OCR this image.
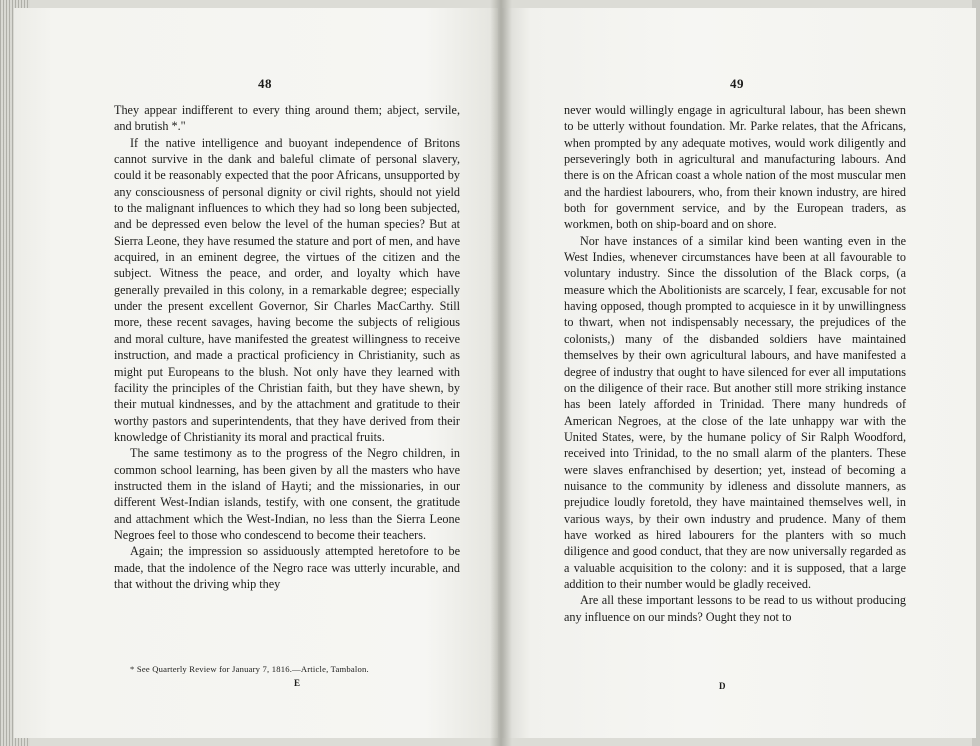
48

They appear indifferent to every thing around them; abject, servile, and brutish *."

If the native intelligence and buoyant independence of Britons cannot survive in the dank and baleful climate of personal slavery, could it be reasonably expected that the poor Africans, unsupported by any consciousness of personal dignity or civil rights, should not yield to the malignant influences to which they had so long been subjected, and be depressed even below the level of the human species? But at Sierra Leone, they have resumed the stature and port of men, and have acquired, in an eminent degree, the virtues of the citizen and the subject. Witness the peace, and order, and loyalty which have generally prevailed in this colony, in a remarkable degree; especially under the present excellent Governor, Sir Charles MacCarthy. Still more, these recent savages, having become the subjects of religious and moral culture, have manifested the greatest willingness to receive instruction, and made a practical proficiency in Christianity, such as might put Europeans to the blush. Not only have they learned with facility the principles of the Christian faith, but they have shewn, by their mutual kindnesses, and by the attachment and gratitude to their worthy pastors and superintendents, that they have derived from their knowledge of Christianity its moral and practical fruits.

The same testimony as to the progress of the Negro children, in common school learning, has been given by all the masters who have instructed them in the island of Hayti; and the missionaries, in our different West-Indian islands, testify, with one consent, the gratitude and attachment which the West-Indian, no less than the Sierra Leone Negroes feel to those who condescend to become their teachers.

Again; the impression so assiduously attempted heretofore to be made, that the indolence of the Negro race was utterly incurable, and that without the driving whip they

* See Quarterly Review for January 7, 1816.—Article, Tambalon.
E
49

never would willingly engage in agricultural labour, has been shewn to be utterly without foundation. Mr. Parke relates, that the Africans, when prompted by any adequate motives, would work diligently and perseveringly both in agricultural and manufacturing labours. And there is on the African coast a whole nation of the most muscular men and the hardiest labourers, who, from their known industry, are hired both for government service, and by the European traders, as workmen, both on ship-board and on shore.

Nor have instances of a similar kind been wanting even in the West Indies, whenever circumstances have been at all favourable to voluntary industry. Since the dissolution of the Black corps, (a measure which the Abolitionists are scarcely, I fear, excusable for not having opposed, though prompted to acquiesce in it by unwillingness to thwart, when not indispensably necessary, the prejudices of the colonists,) many of the disbanded soldiers have maintained themselves by their own agricultural labours, and have manifested a degree of industry that ought to have silenced for ever all imputations on the diligence of their race. But another still more striking instance has been lately afforded in Trinidad. There many hundreds of American Negroes, at the close of the late unhappy war with the United States, were, by the humane policy of Sir Ralph Woodford, received into Trinidad, to the no small alarm of the planters. These were slaves enfranchised by desertion; yet, instead of becoming a nuisance to the community by idleness and dissolute manners, as prejudice loudly foretold, they have maintained themselves well, in various ways, by their own industry and prudence. Many of them have worked as hired labourers for the planters with so much diligence and good conduct, that they are now universally regarded as a valuable acquisition to the colony: and it is supposed, that a large addition to their number would be gladly received.

Are all these important lessons to be read to us without producing any influence on our minds? Ought they not to

D
